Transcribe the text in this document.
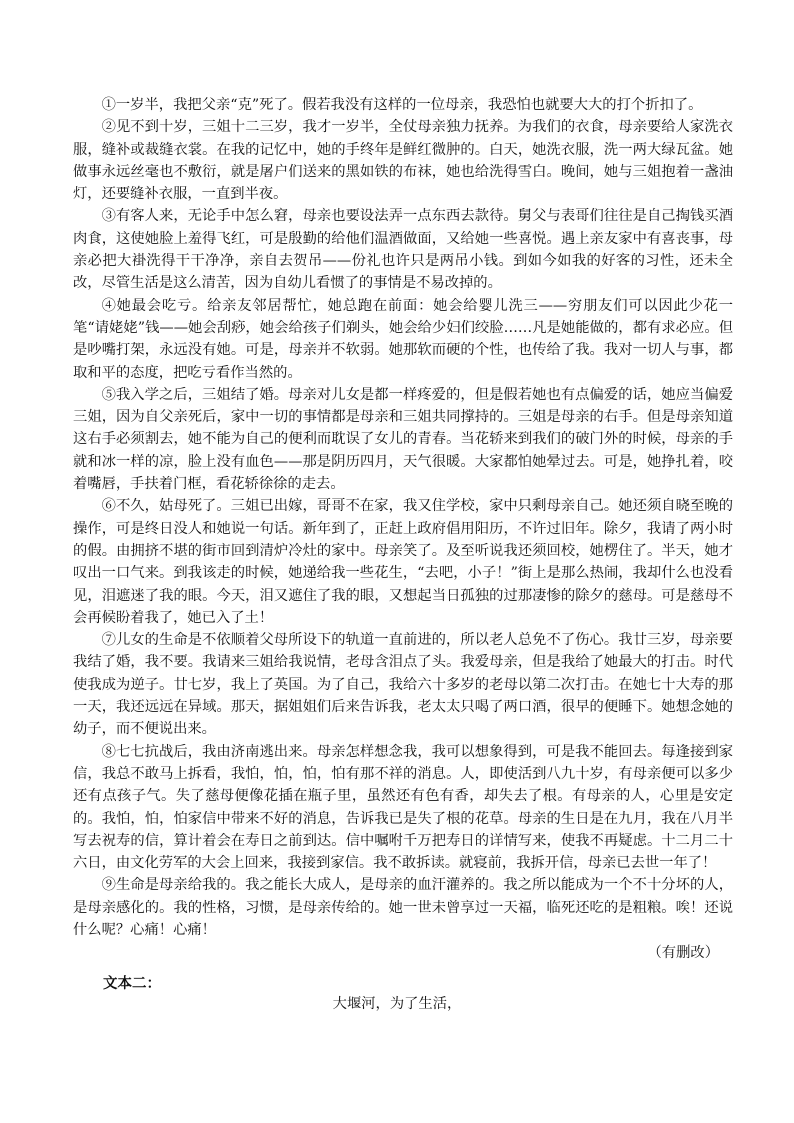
①一岁半，我把父亲“克”死了。假若我没有这样的一位母亲，我恐怕也就要大大的打个折扣了。

②见不到十岁，三姐十二三岁，我才一岁半，全仗母亲独力抚养。为我们的衣食，母亲要给人家洗衣服，缝补或裁缝衣裳。在我的记忆中，她的手终年是鲜红微肿的。白天，她洗衣服，洗一两大绿瓦盆。她做事永远丝毫也不敷衍，就是屠户们送来的黑如铁的布袜，她也给洗得雪白。晚间，她与三姐抱着一盏油灯，还要缝补衣服，一直到半夜。

③有客人来，无论手中怎么窘，母亲也要设法弄一点东西去款待。舅父与表哥们往往是自己掏钱买酒肉食，这使她脸上羞得飞红，可是殷勤的给他们温酒做面，又给她一些喜悦。遇上亲友家中有喜丧事，母亲必把大褂洗得干干净净，亲自去贺吊——份礼也许只是两吊小钱。到如今如我的好客的习性，还未全改，尽管生活是这么清苦，因为自幼儿看惯了的事情是不易改掉的。

④她最会吃亏。给亲友邻居帮忙，她总跑在前面：她会给婴儿洗三——穷朋友们可以因此少花一笔“请姥姥”钱——她会刮痧，她会给孩子们剃头，她会给少妇们绞脸……凡是她能做的，都有求必应。但是吵嘴打架，永远没有她。可是，母亲并不软弱。她那软而硬的个性，也传给了我。我对一切人与事，都取和平的态度，把吃亏看作当然的。

⑤我入学之后，三姐结了婚。母亲对儿女是都一样疼爱的，但是假若她也有点偏爱的话，她应当偏爱三姐，因为自父亲死后，家中一切的事情都是母亲和三姐共同撑持的。三姐是母亲的右手。但是母亲知道这右手必须割去，她不能为自己的便利而耽误了女儿的青春。当花轿来到我们的破门外的时候，母亲的手就和冰一样的凉，脸上没有血色——那是阴历四月，天气很暖。大家都怕她晕过去。可是，她挣扎着，咬着嘴唇，手扶着门框，看花轿徐徐的走去。

⑥不久，姑母死了。三姐已出嫁，哥哥不在家，我又住学校，家中只剩母亲自己。她还须自晓至晚的操作，可是终日没人和她说一句话。新年到了，正赶上政府倡用阳历，不许过旧年。除夕，我请了两小时的假。由拥挤不堪的街市回到清炉冷灶的家中。母亲笑了。及至听说我还须回校，她楞住了。半天，她才叹出一口气来。到我该走的时候，她递给我一些花生，“去吧，小子！”街上是那么热闹，我却什么也没看见，泪遮迷了我的眼。今天，泪又遮住了我的眼，又想起当日孤独的过那凄惨的除夕的慈母。可是慈母不会再候盼着我了，她已入了土！

⑦儿女的生命是不依顺着父母所设下的轨道一直前进的，所以老人总免不了伤心。我廿三岁，母亲要我结了婚，我不要。我请来三姐给我说情，老母含泪点了头。我爱母亲，但是我给了她最大的打击。时代使我成为逆子。廿七岁，我上了英国。为了自己，我给六十多岁的老母以第二次打击。在她七十大寿的那一天，我还远远在异域。那天，据姐姐们后来告诉我，老太太只喝了两口酒，很早的便睡下。她想念她的幼子，而不便说出来。

⑧七七抗战后，我由济南逃出来。母亲怎样想念我，我可以想象得到，可是我不能回去。每逢接到家信，我总不敢马上拆看，我怕，怕，怕，怕有那不祥的消息。人，即使活到八九十岁，有母亲便可以多少还有点孩子气。失了慈母便像花插在瓶子里，虽然还有色有香，却失去了根。有母亲的人，心里是安定的。我怕，怕，怕家信中带来不好的消息，告诉我已是失了根的花草。母亲的生日是在九月，我在八月半写去祝寿的信，算计着会在寿日之前到达。信中嘱咐千万把寿日的详情写来，使我不再疑虑。十二月二十六日，由文化劳军的大会上回来，我接到家信。我不敢拆读。就寝前，我拆开信，母亲已去世一年了！

⑨生命是母亲给我的。我之能长大成人，是母亲的血汗灌养的。我之所以能成为一个不十分坏的人，是母亲感化的。我的性格，习惯，是母亲传给的。她一世未曾享过一天福，临死还吃的是粗粮。唉！还说什么呢？心痛！心痛！

（有删改）

文本二：
大堰河，为了生活，
